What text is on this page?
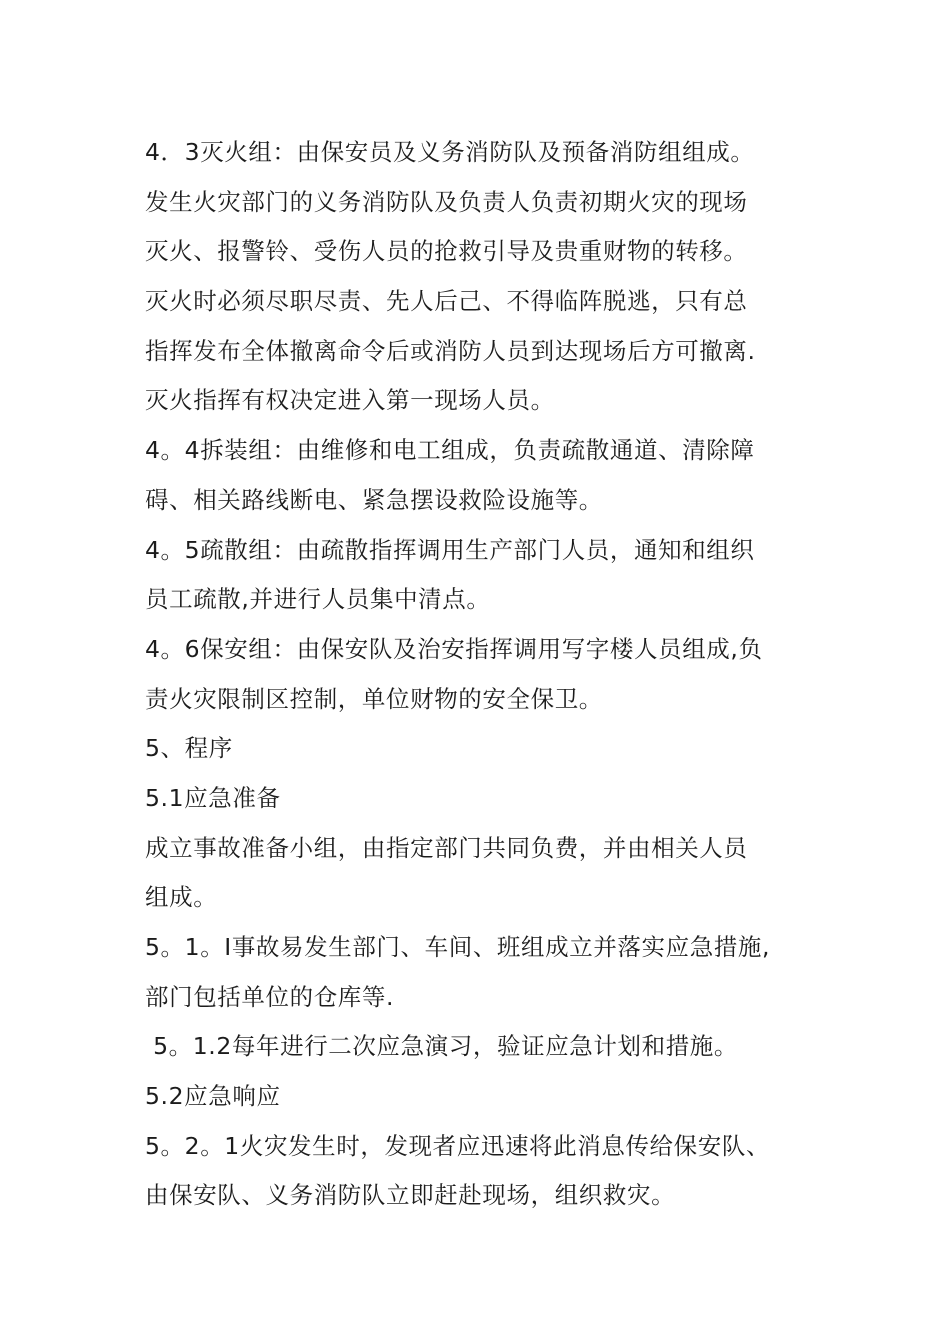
4．3灭火组：由保安员及义务消防队及预备消防组组成。
发生火灾部门的义务消防队及负责人负责初期火灾的现场
灭火、报警铃、受伤人员的抢救引导及贵重财物的转移。
灭火时必须尽职尽责、先人后己、不得临阵脱逃，只有总
指挥发布全体撤离命令后或消防人员到达现场后方可撤离.
灭火指挥有权决定进入第一现场人员。
4。4拆装组：由维修和电工组成，负责疏散通道、清除障
碍、相关路线断电、紧急摆设救险设施等。
4。5疏散组：由疏散指挥调用生产部门人员，通知和组织
员工疏散,并进行人员集中清点。
4。6保安组：由保安队及治安指挥调用写字楼人员组成,负
责火灾限制区控制，单位财物的安全保卫。
5、程序
5.1应急准备
成立事故准备小组，由指定部门共同负费，并由相关人员
组成。
5。1。I事故易发生部门、车间、班组成立并落实应急措施,
部门包括单位的仓库等.
5。1.2每年进行二次应急演习，验证应急计划和措施。
5.2应急响应
5。2。1火灾发生时，发现者应迅速将此消息传给保安队、
由保安队、义务消防队立即赶赴现场，组织救灾。
